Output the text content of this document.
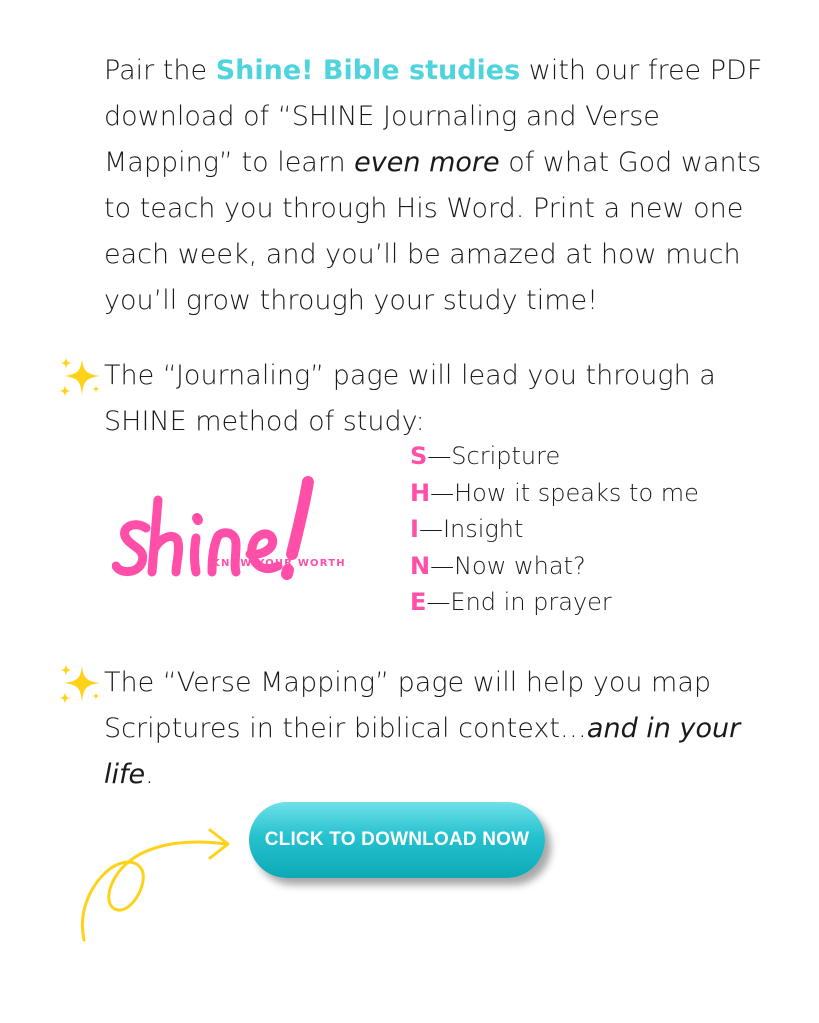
Pair the Shine! Bible studies with our free PDF download of “SHINE Journaling and Verse Mapping” to learn even more of what God wants to teach you through His Word. Print a new one each week, and you’ll be amazed at how much you’ll grow through your study time!

The “Journaling” page will lead you through a SHINE method of study:

KNOW YOUR WORTH
S—Scripture
H—How it speaks to me
I—Insight
N—Now what?
E—End in prayer

The “Verse Mapping” page will help you map Scriptures in their biblical context…and in your life.

CLICK TO DOWNLOAD NOW
